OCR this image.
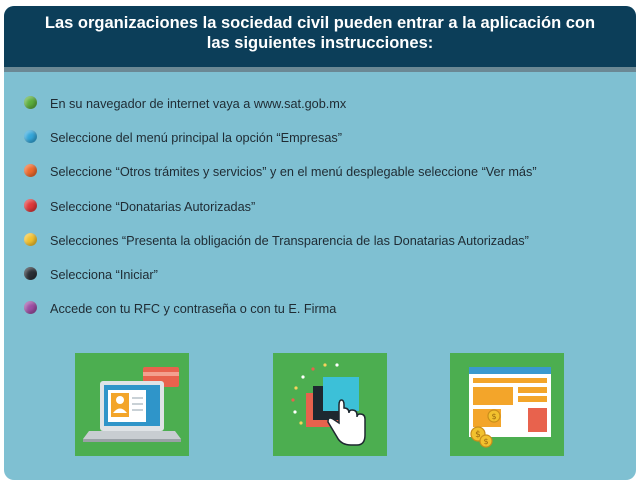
Las organizaciones la sociedad civil pueden entrar a la aplicación con
las siguientes instrucciones:
En su navegador de internet vaya a www.sat.gob.mx
Seleccione del menú principal la opción “Empresas”
Seleccione “Otros trámites y servicios” y en el menú desplegable seleccione “Ver más”
Seleccione “Donatarias Autorizadas”
Selecciones “Presenta la obligación de Transparencia de las Donatarias Autorizadas”
Selecciona “Iniciar”
Accede con tu RFC y contraseña o con tu E. Firma
$
$
$
